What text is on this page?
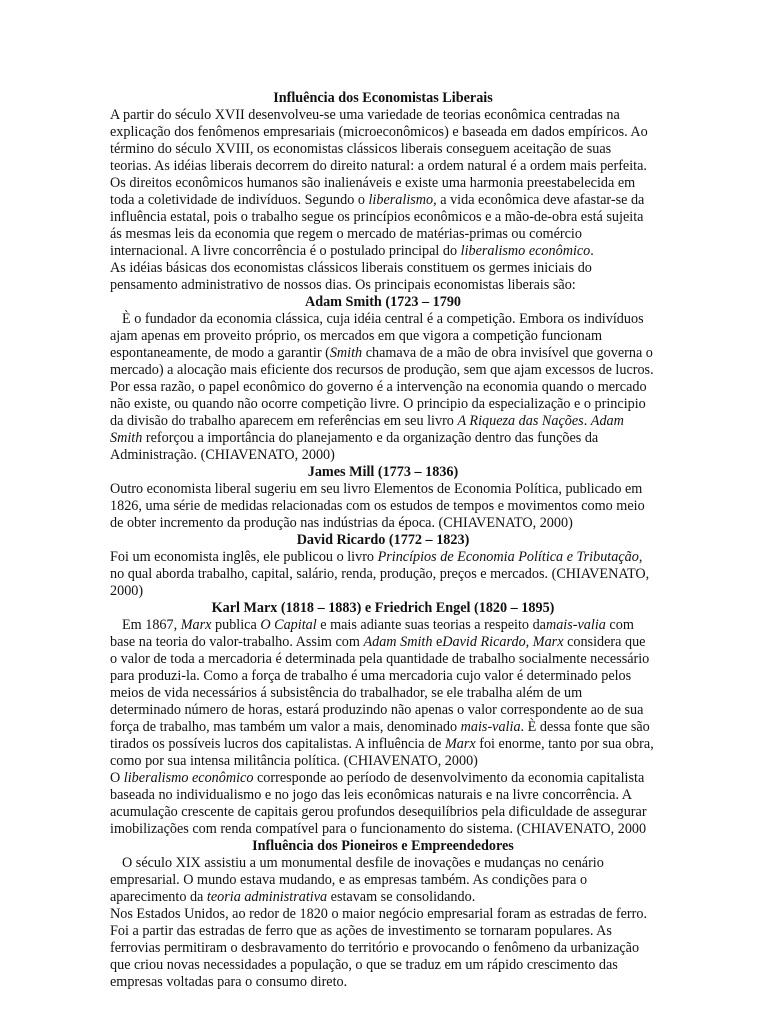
Influência dos Economistas Liberais

A partir do século XVII desenvolveu-se uma variedade de teorias econômica centradas na explicação dos fenômenos empresariais (microeconômicos) e baseada em dados empíricos. Ao término do século XVIII, os economistas clássicos liberais conseguem aceitação de suas teorias. As idéias liberais decorrem do direito natural: a ordem natural é a ordem mais perfeita. Os direitos econômicos humanos são inalienáveis e existe uma harmonia preestabelecida em toda a coletividade de indivíduos. Segundo o liberalismo, a vida econômica deve afastar-se da influência estatal, pois o trabalho segue os princípios econômicos e a mão-de-obra está sujeita ás mesmas leis da economia que regem o mercado de matérias-primas ou comércio internacional. A livre concorrência é o postulado principal do liberalismo econômico.

As idéias básicas dos economistas clássicos liberais constituem os germes iniciais do pensamento administrativo de nossos dias. Os principais economistas liberais são:

Adam Smith (1723 – 1790

È o fundador da economia clássica, cuja idéia central é a competição. Embora os indivíduos ajam apenas em proveito próprio, os mercados em que vigora a competição funcionam espontaneamente, de modo a garantir (Smith chamava de a mão de obra invisível que governa o mercado) a alocação mais eficiente dos recursos de produção, sem que ajam excessos de lucros. Por essa razão, o papel econômico do governo é a intervenção na economia quando o mercado não existe, ou quando não ocorre competição livre. O principio da especialização e o principio da divisão do trabalho aparecem em referências em seu livro A Riqueza das Nações. Adam Smith reforçou a importância do planejamento e da organização dentro das funções da Administração. (CHIAVENATO, 2000)

James Mill (1773 – 1836)

Outro economista liberal sugeriu em seu livro Elementos de Economia Política, publicado em 1826, uma série de medidas relacionadas com os estudos de tempos e movimentos como meio de obter incremento da produção nas indústrias da época. (CHIAVENATO, 2000)

David Ricardo (1772 – 1823)

Foi um economista inglês, ele publicou o livro Princípios de Economia Política e Tributação, no qual aborda trabalho, capital, salário, renda, produção, preços e mercados. (CHIAVENATO, 2000)

Karl Marx (1818 – 1883) e Friedrich Engel (1820 – 1895)

Em 1867, Marx publica O Capital e mais adiante suas teorias a respeito damais-valia com base na teoria do valor-trabalho. Assim com Adam Smith eDavid Ricardo, Marx considera que o valor de toda a mercadoria é determinada pela quantidade de trabalho socialmente necessário para produzi-la. Como a força de trabalho é uma mercadoria cujo valor é determinado pelos meios de vida necessários á subsistência do trabalhador, se ele trabalha além de um determinado número de horas, estará produzindo não apenas o valor correspondente ao de sua força de trabalho, mas também um valor a mais, denominado mais-valia. È dessa fonte que são tirados os possíveis lucros dos capitalistas. A influência de Marx foi enorme, tanto por sua obra, como por sua intensa militância política. (CHIAVENATO, 2000)

O liberalismo econômico corresponde ao período de desenvolvimento da economia capitalista baseada no individualismo e no jogo das leis econômicas naturais e na livre concorrência. A acumulação crescente de capitais gerou profundos desequilíbrios pela dificuldade de assegurar imobilizações com renda compatível para o funcionamento do sistema. (CHIAVENATO, 2000

Influência dos Pioneiros e Empreendedores

O século XIX assistiu a um monumental desfile de inovações e mudanças no cenário empresarial. O mundo estava mudando, e as empresas também. As condições para o aparecimento da teoria administrativa estavam se consolidando.

Nos Estados Unidos, ao redor de 1820 o maior negócio empresarial foram as estradas de ferro. Foi a partir das estradas de ferro que as ações de investimento se tornaram populares. As ferrovias permitiram o desbravamento do território e provocando o fenômeno da urbanização que criou novas necessidades a população, o que se traduz em um rápido crescimento das empresas voltadas para o consumo direto.
